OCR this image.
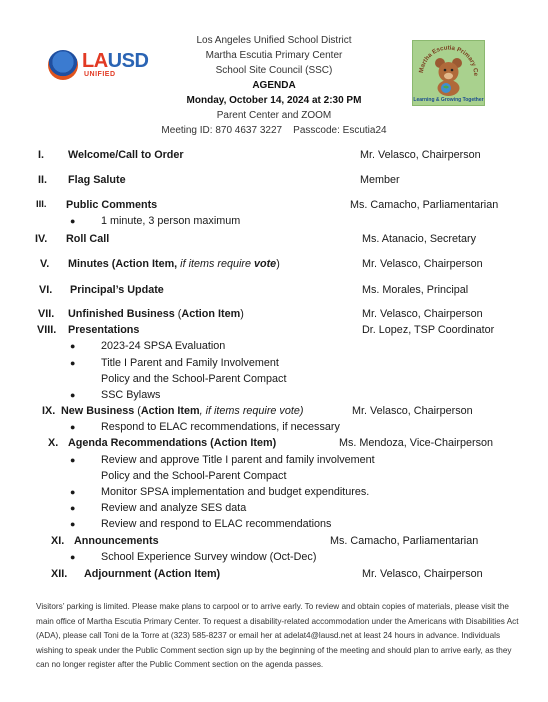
LAUSD
UNIFIED
Martha Escutia Primary Ce
Learning & Growing Together
Los Angeles Unified School District
Martha Escutia Primary Center
School Site Council (SSC)
AGENDA
Monday, October 14, 2024 at 2:30 PM
Parent Center and ZOOM
Meeting ID: 870 4637 3227    Passcode: Escutia24
I. Welcome/Call to Order	Mr. Velasco, Chairperson
II. Flag Salute	Member
III. Public Comments	Ms. Camacho, Parliamentarian
● 1 minute, 3 person maximum
IV. Roll Call	Ms. Atanacio, Secretary
V. Minutes (Action Item, if items require vote)	Mr. Velasco, Chairperson
VI. Principal’s Update	Ms. Morales, Principal
VII. Unfinished Business (Action Item)	Mr. Velasco, Chairperson
VIII. Presentations	Dr. Lopez, TSP Coordinator
● 2023-24 SPSA Evaluation
● Title I Parent and Family Involvement
Policy and the School-Parent Compact
● SSC Bylaws
IX. New Business (Action Item, if items require vote)	Mr. Velasco, Chairperson
● Respond to ELAC recommendations, if necessary
X. Agenda Recommendations (Action Item)	Ms. Mendoza, Vice-Chairperson
● Review and approve Title I parent and family involvement
Policy and the School-Parent Compact
● Monitor SPSA implementation and budget expenditures.
● Review and analyze SES data
● Review and respond to ELAC recommendations
XI. Announcements	Ms. Camacho, Parliamentarian
● School Experience Survey window (Oct-Dec)
XII. Adjournment (Action Item)	Mr. Velasco, Chairperson
Visitors’ parking is limited. Please make plans to carpool or to arrive early. To review and obtain copies of materials, please visit the main office of Martha Escutia Primary Center. To request a disability-related accommodation under the Americans with Disabilities Act (ADA), please call Toni de la Torre at (323) 585-8237 or email her at adelat4@lausd.net at least 24 hours in advance. Individuals wishing to speak under the Public Comment section sign up by the beginning of the meeting and should plan to arrive early, as they can no longer register after the Public Comment section on the agenda passes.
